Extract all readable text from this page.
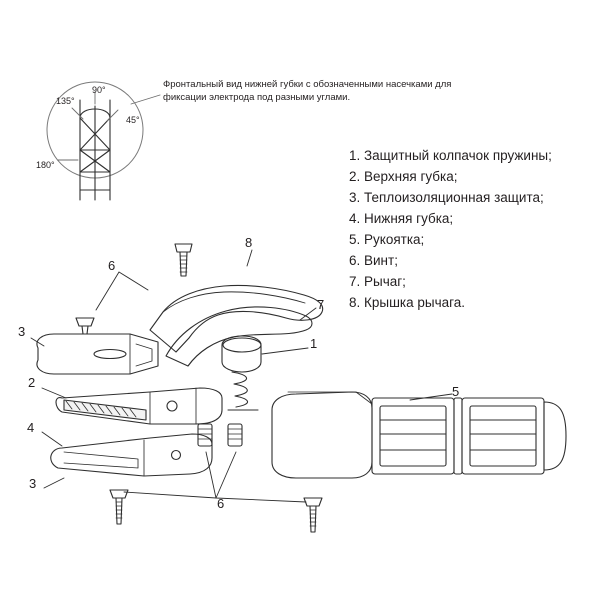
Фронтальный вид нижней губки с обозначенными насечками для фиксации электрода под разными углами.
90°
135°
45°
180°
6
8
7
3
1
2
5
4
3
6
1. Защитный колпачок пружины;
2. Верхняя губка;
3. Теплоизоляционная защита;
4. Нижняя губка;
5. Рукоятка;
6. Винт;
7. Рычаг;
8. Крышка рычага.
